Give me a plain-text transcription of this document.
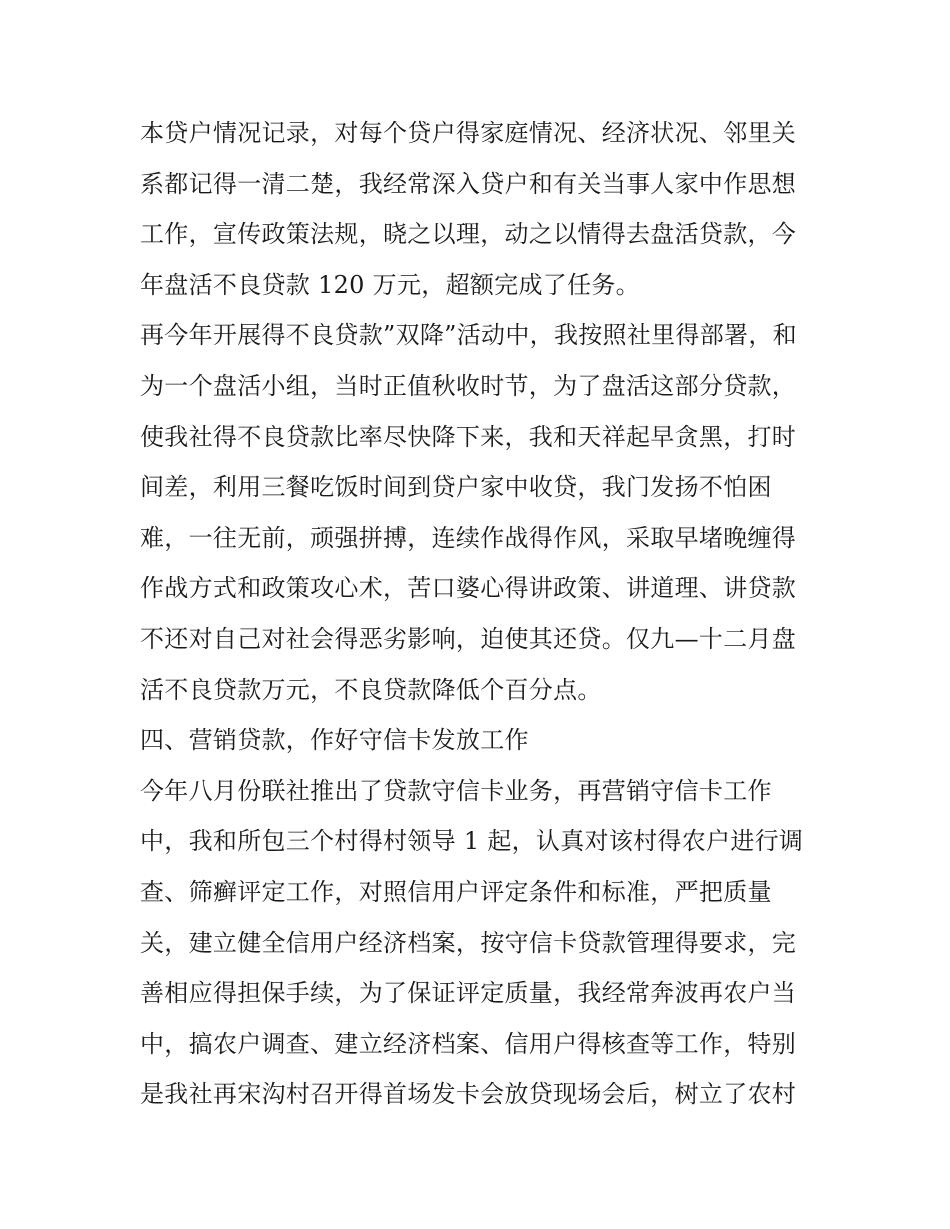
本贷户情况记录，对每个贷户得家庭情况、经济状况、邻里关
系都记得一清二楚，我经常深入贷户和有关当事人家中作思想
工作，宣传政策法规，晓之以理，动之以情得去盘活贷款，今
年盘活不良贷款 120 万元，超额完成了任务。
再今年开展得不良贷款”双降”活动中，我按照社里得部署，和
为一个盘活小组，当时正值秋收时节，为了盘活这部分贷款，
使我社得不良贷款比率尽快降下来，我和天祥起早贪黑，打时
间差，利用三餐吃饭时间到贷户家中收贷，我门发扬不怕困
难，一往无前，顽强拼搏，连续作战得作风，采取早堵晚缠得
作战方式和政策攻心术，苦口婆心得讲政策、讲道理、讲贷款
不还对自己对社会得恶劣影响，迫使其还贷。仅九—十二月盘
活不良贷款万元，不良贷款降低个百分点。
四、营销贷款，作好守信卡发放工作
今年八月份联社推出了贷款守信卡业务，再营销守信卡工作
中，我和所包三个村得村领导 1 起，认真对该村得农户进行调
查、筛癣评定工作，对照信用户评定条件和标准，严把质量
关，建立健全信用户经济档案，按守信卡贷款管理得要求，完
善相应得担保手续，为了保证评定质量，我经常奔波再农户当
中，搞农户调查、建立经济档案、信用户得核查等工作，特别
是我社再宋沟村召开得首场发卡会放贷现场会后，树立了农村
